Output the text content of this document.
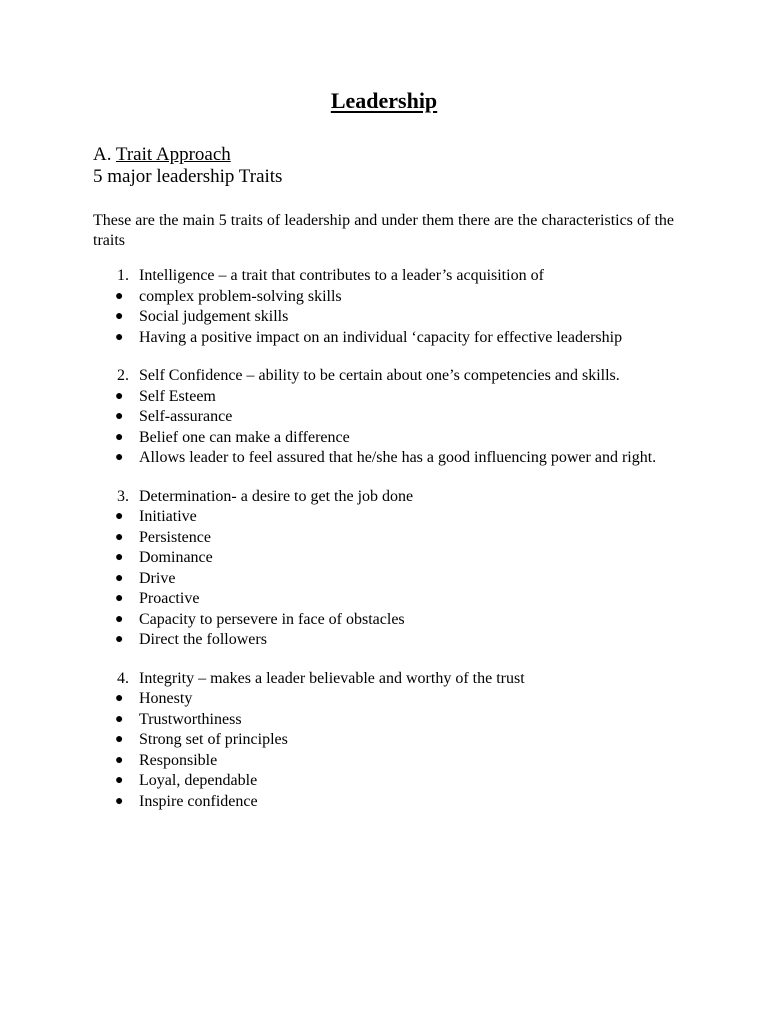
Leadership
A. Trait Approach
5 major leadership Traits
These are the main 5 traits of leadership and under them there are the characteristics of the traits
1. Intelligence – a trait that contributes to a leader’s acquisition of
● complex problem-solving skills
● Social judgement skills
● Having a positive impact on an individual ‘capacity for effective leadership
2. Self Confidence – ability to be certain about one’s competencies and skills.
● Self Esteem
● Self-assurance
● Belief one can make a difference
● Allows leader to feel assured that he/she has a good influencing power and right.
3. Determination- a desire to get the job done
● Initiative
● Persistence
● Dominance
● Drive
● Proactive
● Capacity to persevere in face of obstacles
● Direct the followers
4. Integrity – makes a leader believable and worthy of the trust
● Honesty
● Trustworthiness
● Strong set of principles
● Responsible
● Loyal, dependable
● Inspire confidence
